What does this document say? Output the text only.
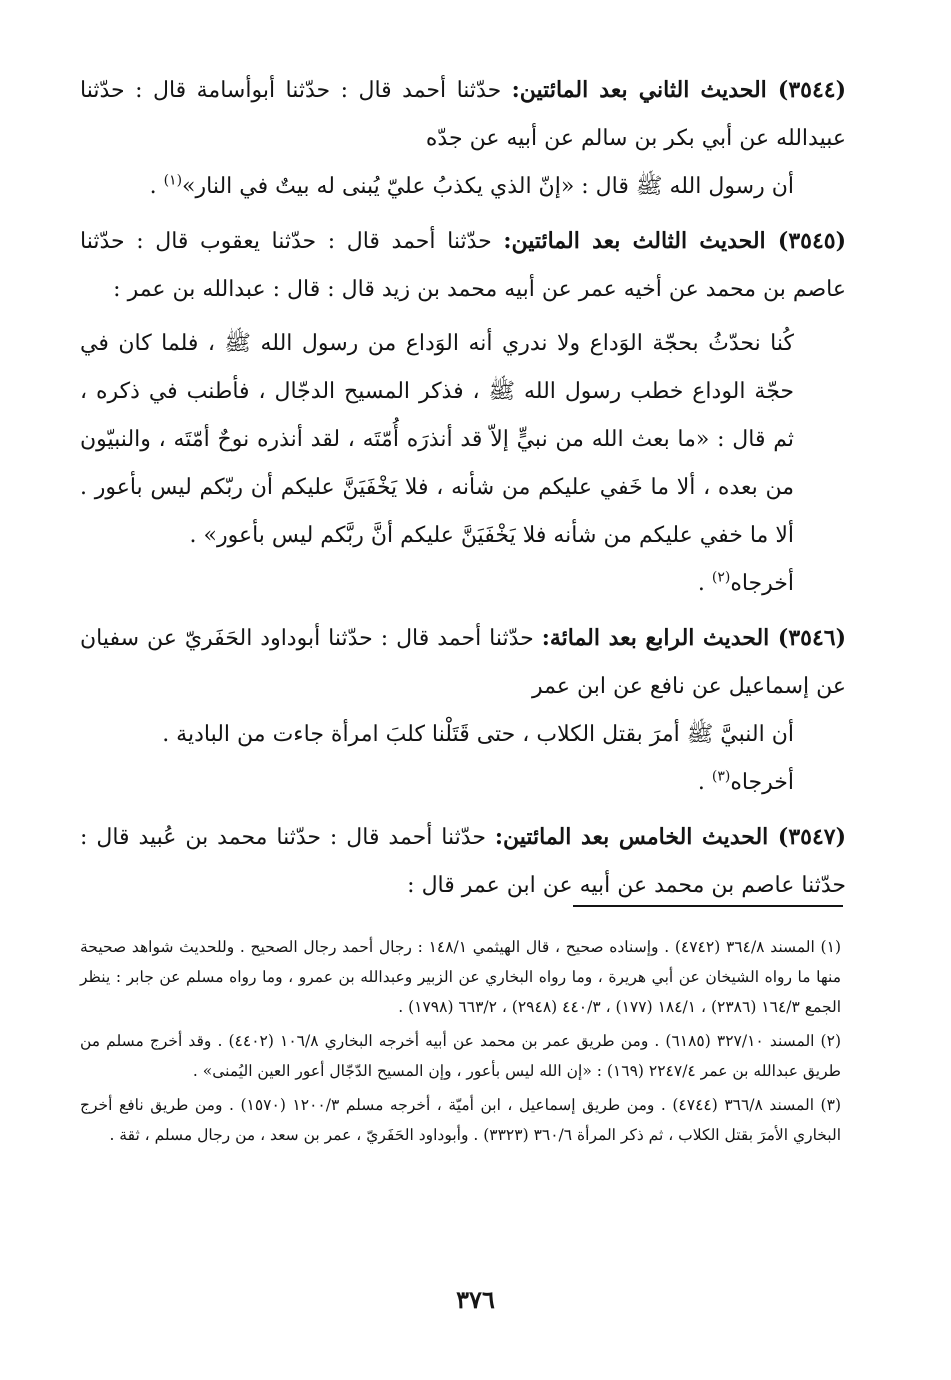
(٣٥٤٤) الحديث الثاني بعد المائتين: حدّثنا أحمد قال : حدّثنا أبوأسامة قال : حدّثنا عبيدالله عن أبي بكر بن سالم عن أبيه عن جدّه

أن رسول الله ﷺ قال : «إنّ الذي يكذبُ عليّ يُبنى له بيتٌ في النار»$^{(١)}$ .

(٣٥٤٥) الحديث الثالث بعد المائتين: حدّثنا أحمد قال : حدّثنا يعقوب قال : حدّثنا عاصم بن محمد عن أخيه عمر عن أبيه محمد بن زيد قال : قال : عبدالله بن عمر :

كُنا نحدّثُ بحجّة الوَداع ولا ندري أنه الوَداع من رسول الله ﷺ ، فلما كان في حجّة الوداع خطب رسول الله ﷺ ، فذكر المسيح الدجّال ، فأطنب في ذكره ، ثم قال : «ما بعث الله من نبيٍّ إلاّ قد أنذرَه أُمّتَه ، لقد أنذره نوحٌ أمّتَه ، والنبيّون من بعده ، ألا ما خَفي عليكم من شأنه ، فلا يَخْفَيَنَّ عليكم أن ربّكم ليس بأعور . ألا ما خفي عليكم من شأنه فلا يَخْفَيَنَّ عليكم أنَّ ربَّكم ليس بأعور» .

أخرجاه$^{(٢)}$ .

(٣٥٤٦) الحديث الرابع بعد المائة: حدّثنا أحمد قال : حدّثنا أبوداود الحَفَريّ عن سفيان عن إسماعيل عن نافع عن ابن عمر

أن النبيَّ ﷺ أمرَ بقتل الكلاب ، حتى قَتَلْنا كلبَ امرأة جاءت من البادية .

أخرجاه$^{(٣)}$ .

(٣٥٤٧) الحديث الخامس بعد المائتين: حدّثنا أحمد قال : حدّثنا محمد بن عُبيد قال : حدّثنا عاصم بن محمد عن أبيه عن ابن عمر قال :

(١) المسند ٣٦٤/٨ (٤٧٤٢) . وإسناده صحيح ، قال الهيثمي ١٤٨/١ : رجال أحمد رجال الصحيح . وللحديث شواهد صحيحة منها ما رواه الشيخان عن أبي هريرة ، وما رواه البخاري عن الزبير وعبدالله بن عمرو ، وما رواه مسلم عن جابر : ينظر الجمع ١٦٤/٣ (٢٣٨٦) ، ١٨٤/١ (١٧٧) ، ٤٤٠/٣ (٢٩٤٨) ، ٦٦٣/٢ (١٧٩٨) .

(٢) المسند ٣٢٧/١٠ (٦١٨٥) . ومن طريق عمر بن محمد عن أبيه أخرجه البخاري ١٠٦/٨ (٤٤٠٢) . وقد أخرج مسلم من طريق عبدالله بن عمر ٢٢٤٧/٤ (١٦٩) : «إن الله ليس بأعور ، وإن المسيح الدّجّال أعور العين اليُمنى» .

(٣) المسند ٣٦٦/٨ (٤٧٤٤) . ومن طريق إسماعيل ، ابن أميّة ، أخرجه مسلم ١٢٠٠/٣ (١٥٧٠) . ومن طريق نافع أخرج البخاري الأمرَ بقتل الكلاب ، ثم ذكر المرأة ٣٦٠/٦ (٣٣٢٣) . وأبوداود الحَفَريّ ، عمر بن سعد ، من رجال مسلم ، ثقة .

٣٧٦
